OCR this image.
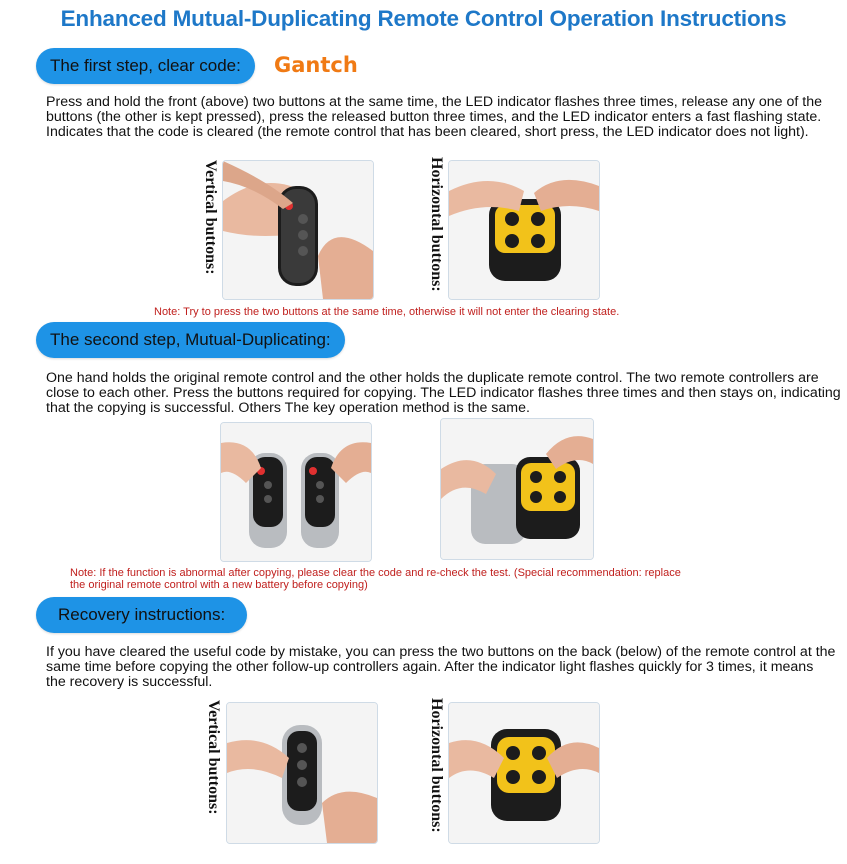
Enhanced Mutual-Duplicating Remote Control Operation Instructions
The first step, clear code:	Gantch
Press and hold the front (above) two buttons at the same time, the LED indicator flashes three times, release any one of the buttons (the other is kept pressed), press the released button three times, and the LED indicator enters a fast flashing state. Indicates that the code is cleared (the remote control that has been cleared, short press, the LED indicator does not light).
Vertical buttons:	Horizontal buttons:
Note: Try to press the two buttons at the same time, otherwise it will not enter the clearing state.
The second step, Mutual-Duplicating:
One hand holds the original remote control and the other holds the duplicate remote control. The two remote controllers are close to each other. Press the buttons required for copying. The LED indicator flashes three times and then stays on, indicating that the copying is successful. Others The key operation method is the same.
Note: If the function is abnormal after copying, please clear the code and re-check the test. (Special recommendation: replace
the original remote control with a new battery before copying)
Recovery instructions:
If you have cleared the useful code by mistake, you can press the two buttons on the back (below) of the remote control at the same time before copying the other follow-up controllers again. After the indicator light flashes quickly for 3 times, it means the recovery is successful.
Vertical buttons:	Horizontal buttons:
